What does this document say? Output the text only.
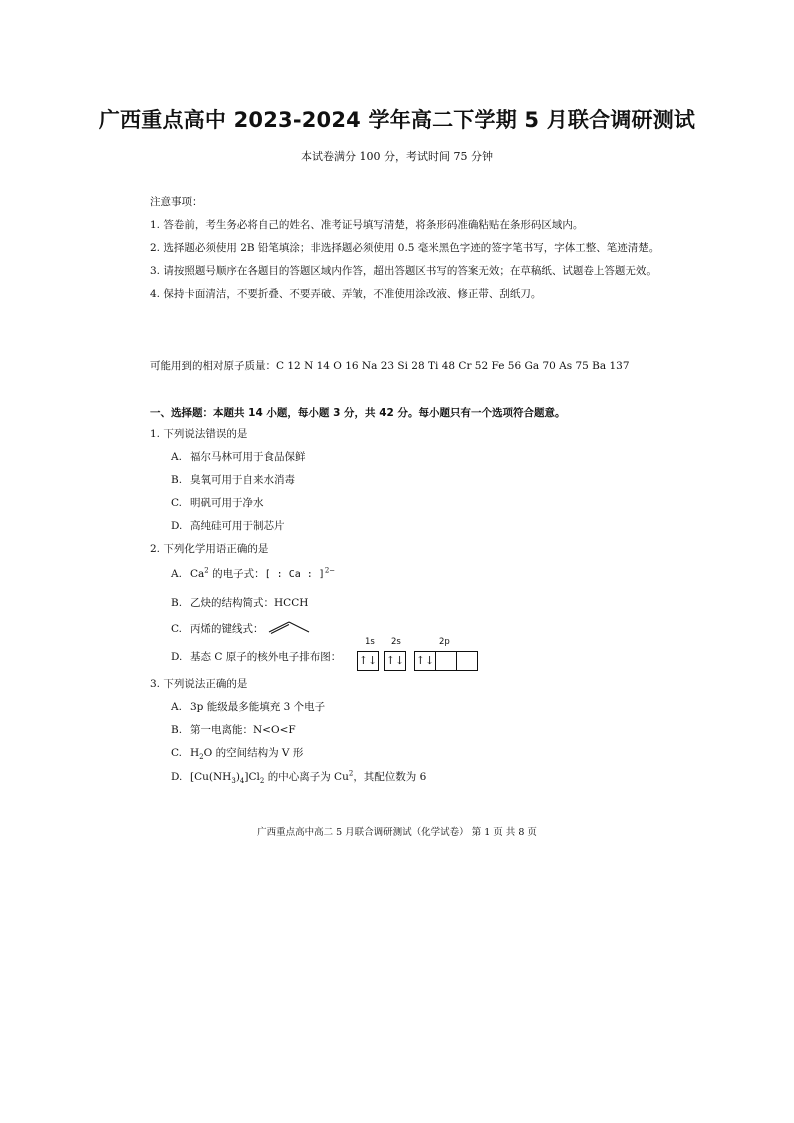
广西重点高中 2023-2024 学年高二下学期 5 月联合调研测试
本试卷满分 100 分，考试时间 75 分钟
注意事项：
1. 答卷前，考生务必将自己的姓名、准考证号填写清楚，将条形码准确粘贴在条形码区域内。
2. 选择题必须使用 2B 铅笔填涂；非选择题必须使用 0.5 毫米黑色字迹的签字笔书写，字体工整、笔迹清楚。
3. 请按照题号顺序在各题目的答题区域内作答，超出答题区书写的答案无效；在草稿纸、试题卷上答题无效。
4. 保持卡面清洁，不要折叠、不要弄破、弄皱，不准使用涂改液、修正带、刮纸刀。
可能用到的相对原子质量：C 12 N 14 O 16 Na 23 Si 28 Ti 48 Cr 52 Fe 56 Ga 70 As 75 Ba 137
一、选择题：本题共 14 小题，每小题 3 分，共 42 分。每小题只有一个选项符合题意。
1. 下列说法错误的是
A. 福尔马林可用于食品保鲜
B. 臭氧可用于自来水消毒
C. 明矾可用于净水
D. 高纯硅可用于制芯片
2. 下列化学用语正确的是
A. Ca$^2$ 的电子式：[ : Ca : ]$^{2-}$
B. 乙炔的结构简式：HCCH
C. 丙烯的键线式：
D. 基态 C 原子的核外电子排布图：
1s 2s	2p
↑↓ ↑↓ ↑↓
3. 下列说法正确的是
A. 3p 能级最多能填充 3 个电子
B. 第一电离能：N<O<F
C. $H_2O$ 的空间结构为 V 形
D. $[Cu(NH_3)_4]Cl_2$ 的中心离子为 Cu$^2$，其配位数为 6
广西重点高中高二 5 月联合调研测试（化学试卷） 第 1 页 共 8 页
